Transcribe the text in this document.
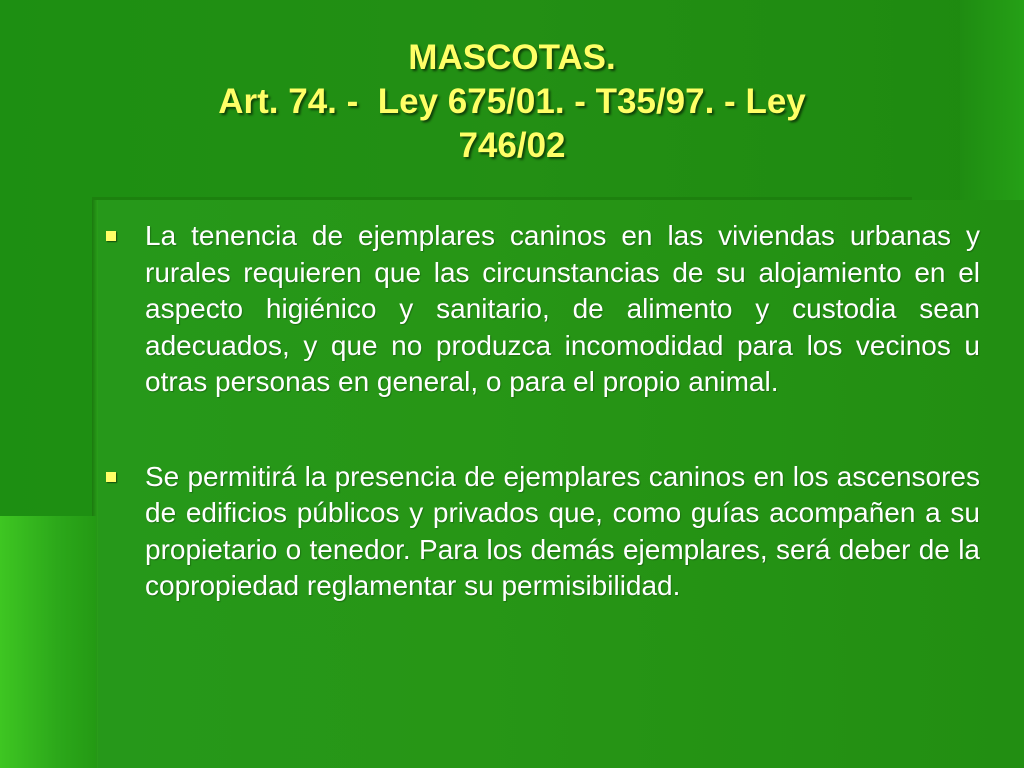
MASCOTAS.
Art. 74. -  Ley 675/01. - T35/97. - Ley
746/02
La tenencia de ejemplares caninos en las viviendas urbanas y rurales requieren que las circunstancias de su alojamiento en el aspecto higiénico y sanitario, de alimento y custodia sean adecuados, y que no produzca incomodidad para los vecinos u otras personas en general, o para el propio animal.
Se permitirá la presencia de ejemplares caninos en los ascensores de edificios públicos y privados que, como guías acompañen a su propietario o tenedor. Para los demás ejemplares, será deber de la copropiedad reglamentar su permisibilidad.
